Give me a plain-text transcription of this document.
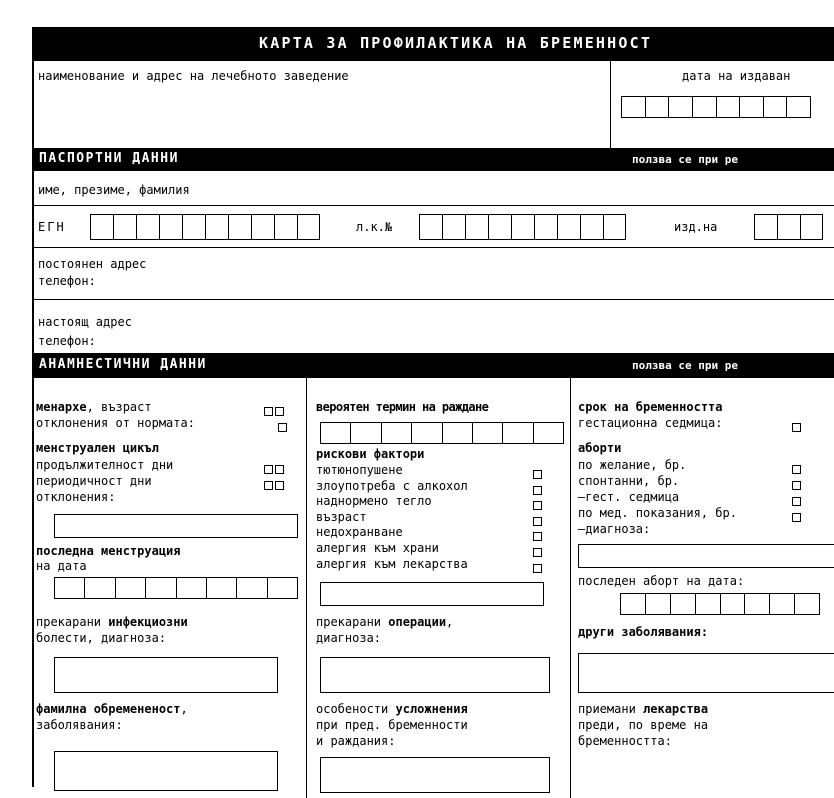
КАРТА ЗА ПРОФИЛАКТИКА НА БРЕМЕННОСТ
наименование и адрес на лечебното заведение	дата на издаван
ПАСПОРТНИ ДАННИ	ползва се при ре
име, презиме, фамилия
ЕГН	л.к.№	изд.на
постоянен адрес
телефон:
настоящ адрес
телефон:
АНАМНЕСТИЧНИ ДАННИ	ползва се при ре
менархе, възраст
отклонения от нормата:
менструален цикъл
продължителност дни
периодичност дни
отклонения:
последна менструация
на дата
прекарани инфекциозни
болести, диагноза:
фамилна обремененост,
заболявания:
вероятен термин на раждане
рискови фактори
тютюнопушене
злоупотреба с алкохол
наднормено тегло
възраст
недохранване
алергия към храни
алергия към лекарства
прекарани операции,
диагноза:
особености усложнения
при пред. бременности
и раждания:
срок на бременността
гестационна седмица:
аборти
по желание, бр.
спонтанни, бр.
–гест. седмица
по мед. показания, бр.
–диагноза:
последен аборт на дата:
други заболявания:
приемани лекарства
преди, по време на
бременността:
